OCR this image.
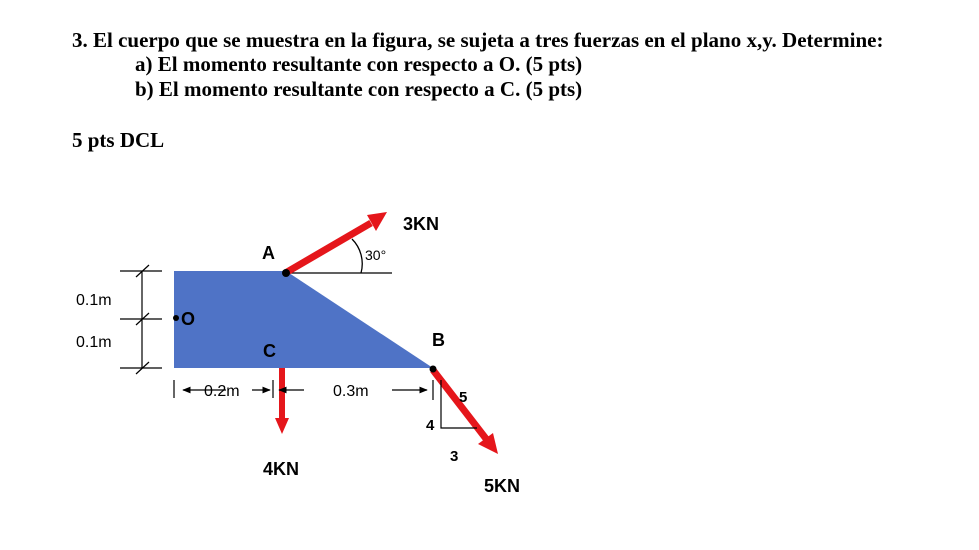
3. El cuerpo que se muestra en la figura, se sujeta a tres fuerzas en el plano x,y. Determine:
a) El momento resultante con respecto a O. (5 pts)
b) El momento resultante con respecto a C. (5 pts)
5 pts DCL
A
B
C
O
30°
3KN
4KN
5KN
0.1m
0.1m
0.2m	0.3m	5
4
3
